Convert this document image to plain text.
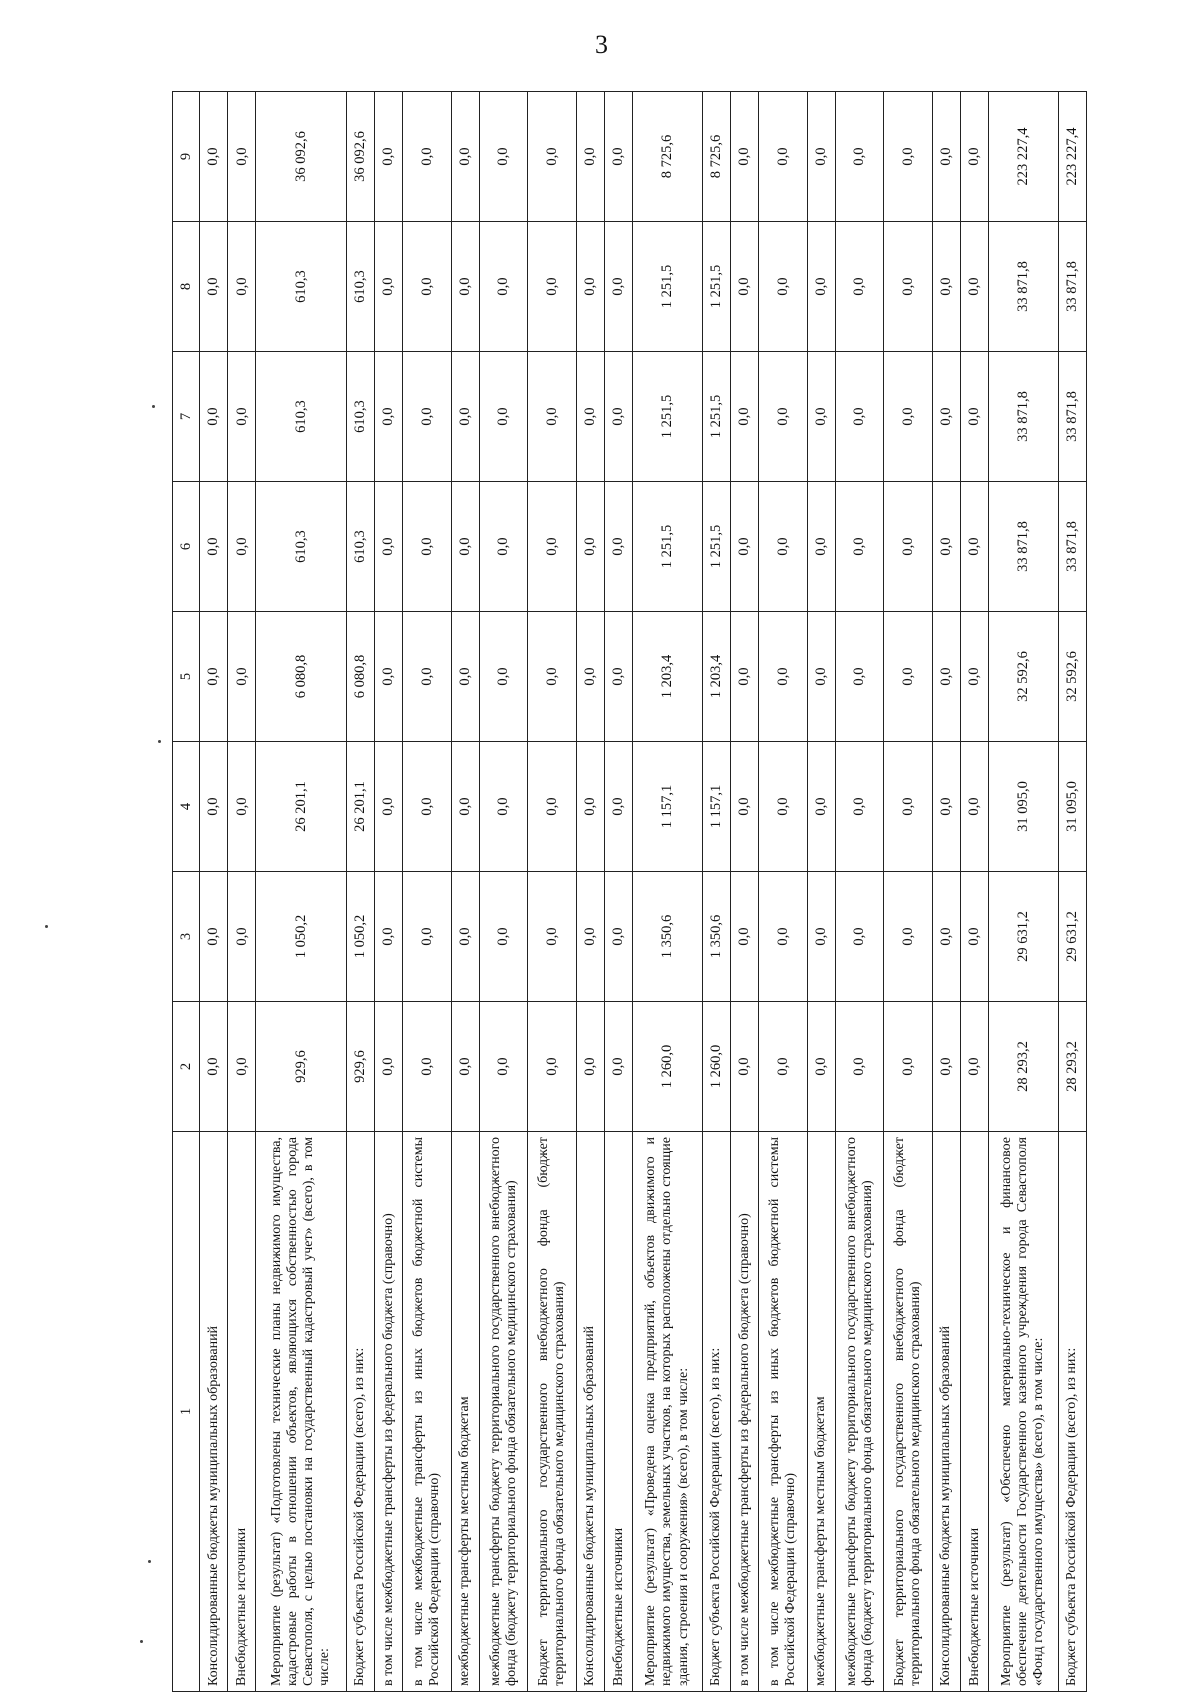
3
1	2	3	4	5	6	7	8	9
Консолидированные бюджеты муниципальных образований	0,0	0,0	0,0	0,0	0,0	0,0	0,0	0,0
Внебюджетные источники	0,0	0,0	0,0	0,0	0,0	0,0	0,0	0,0
Мероприятие (результат) «Подготовлены технические планы недвижимого имущества, кадастровые работы в отношении объектов, являющихся собственностью города Севастополя, с целью постановки на государственный кадастровый учет» (всего), в том числе:	929,6	1 050,2	26 201,1	6 080,8	610,3	610,3	610,3	36 092,6
Бюджет субъекта Российской Федерации (всего), из них:	929,6	1 050,2	26 201,1	6 080,8	610,3	610,3	610,3	36 092,6
в том числе межбюджетные трансферты из федерального бюджета (справочно)	0,0	0,0	0,0	0,0	0,0	0,0	0,0	0,0
в том числе межбюджетные трансферты из иных бюджетов бюджетной системы Российской Федерации (справочно)	0,0	0,0	0,0	0,0	0,0	0,0	0,0	0,0
межбюджетные трансферты местным бюджетам	0,0	0,0	0,0	0,0	0,0	0,0	0,0	0,0
межбюджетные трансферты бюджету территориального государственного внебюджетного фонда (бюджету территориального фонда обязательного медицинского страхования)	0,0	0,0	0,0	0,0	0,0	0,0	0,0	0,0
Бюджет территориального государственного внебюджетного фонда (бюджет территориального фонда обязательного медицинского страхования)	0,0	0,0	0,0	0,0	0,0	0,0	0,0	0,0
Консолидированные бюджеты муниципальных образований	0,0	0,0	0,0	0,0	0,0	0,0	0,0	0,0
Внебюджетные источники	0,0	0,0	0,0	0,0	0,0	0,0	0,0	0,0
Мероприятие (результат) «Проведена оценка предприятий, объектов движимого и недвижимого имущества, земельных участков, на которых расположены отдельно стоящие здания, строения и сооружения» (всего), в том числе:	1 260,0	1 350,6	1 157,1	1 203,4	1 251,5	1 251,5	1 251,5	8 725,6
Бюджет субъекта Российской Федерации (всего), из них:	1 260,0	1 350,6	1 157,1	1 203,4	1 251,5	1 251,5	1 251,5	8 725,6
в том числе межбюджетные трансферты из федерального бюджета (справочно)	0,0	0,0	0,0	0,0	0,0	0,0	0,0	0,0
в том числе межбюджетные трансферты из иных бюджетов бюджетной системы Российской Федерации (справочно)	0,0	0,0	0,0	0,0	0,0	0,0	0,0	0,0
межбюджетные трансферты местным бюджетам	0,0	0,0	0,0	0,0	0,0	0,0	0,0	0,0
межбюджетные трансферты бюджету территориального государственного внебюджетного фонда (бюджету территориального фонда обязательного медицинского страхования)	0,0	0,0	0,0	0,0	0,0	0,0	0,0	0,0
Бюджет территориального государственного внебюджетного фонда (бюджет территориального фонда обязательного медицинского страхования)	0,0	0,0	0,0	0,0	0,0	0,0	0,0	0,0
Консолидированные бюджеты муниципальных образований	0,0	0,0	0,0	0,0	0,0	0,0	0,0	0,0
Внебюджетные источники	0,0	0,0	0,0	0,0	0,0	0,0	0,0	0,0
Мероприятие (результат) «Обеспечено материально-техническое и финансовое обеспечение деятельности Государственного казенного учреждения города Севастополя «Фонд государственного имущества» (всего), в том числе:	28 293,2	29 631,2	31 095,0	32 592,6	33 871,8	33 871,8	33 871,8	223 227,4
Бюджет субъекта Российской Федерации (всего), из них:	28 293,2	29 631,2	31 095,0	32 592,6	33 871,8	33 871,8	33 871,8	223 227,4
